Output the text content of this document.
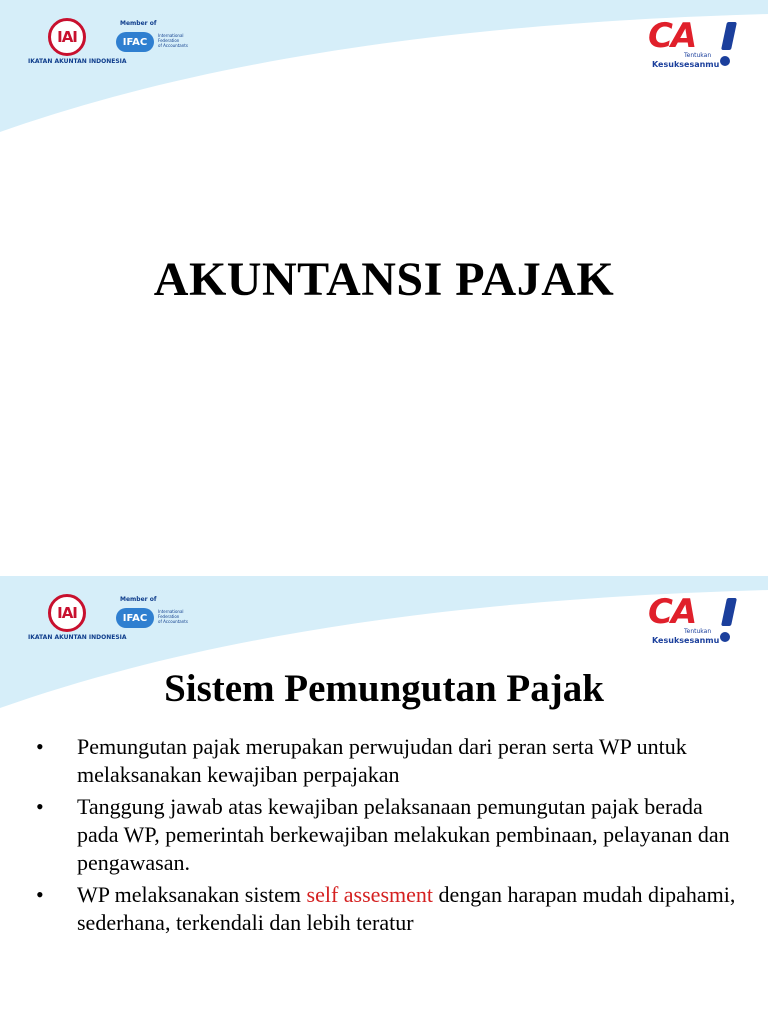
IAI
IKATAN AKUNTAN INDONESIA
Member of
IFAC
International
Federation
of Accountants	CA
Tentukan
Kesuksesanmu
AKUNTANSI PAJAK
IAI
IKATAN AKUNTAN INDONESIA
Member of
IFAC
International
Federation
of Accountants	CA
Tentukan
Kesuksesanmu
Sistem Pemungutan Pajak
• Pemungutan pajak merupakan perwujudan dari peran serta WP untuk melaksanakan kewajiban perpajakan
• Tanggung jawab atas kewajiban pelaksanaan pemungutan pajak berada pada WP, pemerintah berkewajiban melakukan pembinaan, pelayanan dan pengawasan.
• WP melaksanakan sistem self assesment dengan harapan mudah dipahami, sederhana, terkendali dan lebih teratur
